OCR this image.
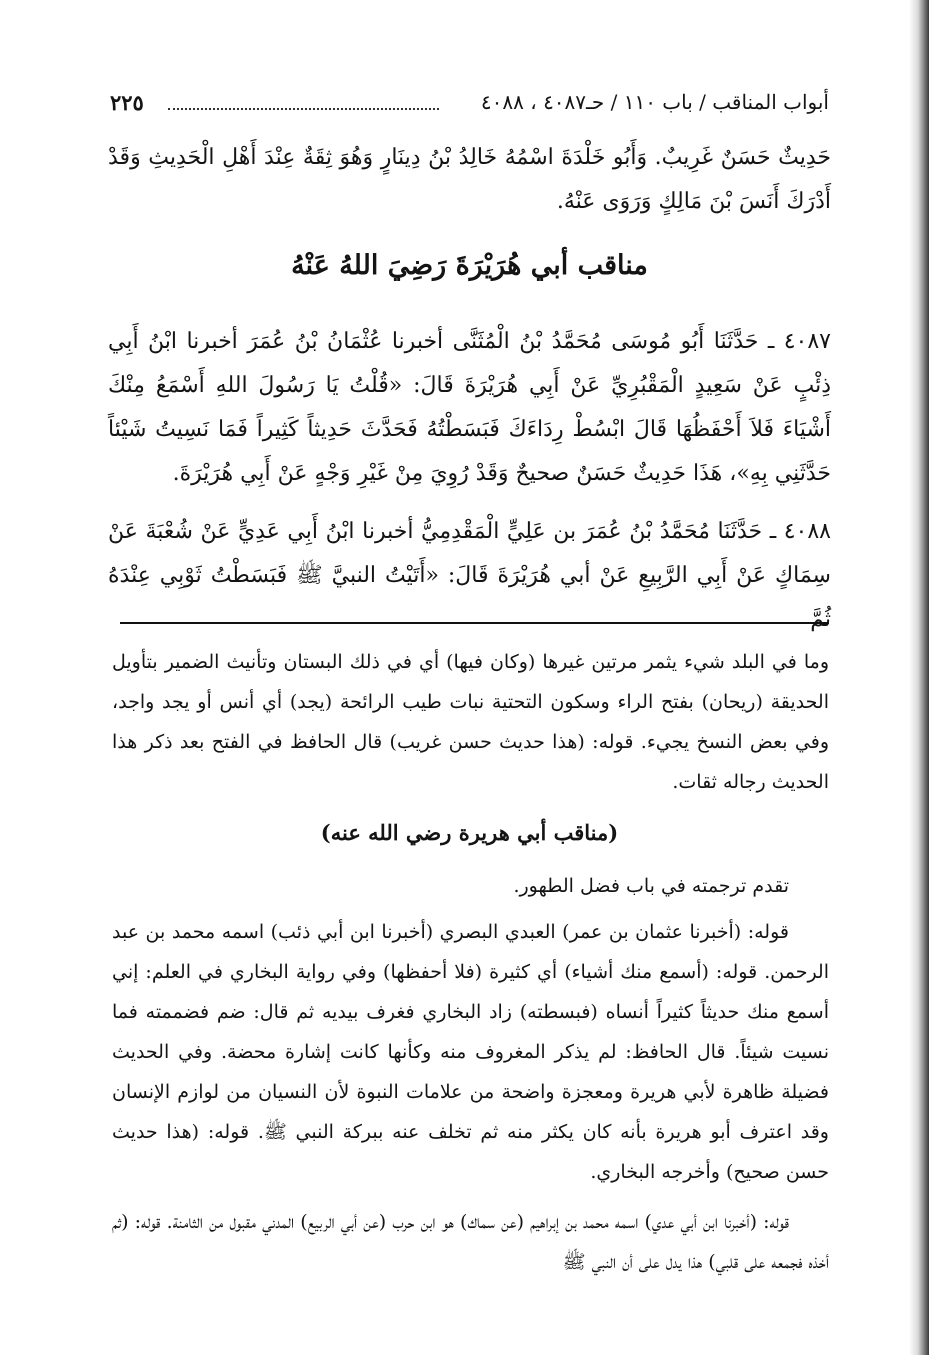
٢٢٥	أبواب المناقب / باب ١١٠ / حـ٤٠٨٧ ، ٤٠٨٨
حَدِيثٌ حَسَنٌ غَرِيبٌ. وَأَبُو خَلْدَةَ اسْمُهُ خَالِدُ بْنُ دِينَارٍ وَهُوَ ثِقَةٌ عِنْدَ أَهْلِ الْحَدِيثِ وَقَدْ أَدْرَكَ أَنَسَ بْنَ مَالِكٍ وَرَوَى عَنْهُ.
مناقب أبي هُرَيْرَةَ رَضِيَ اللهُ عَنْهُ
٤٠٨٧ ـ حَدَّثَنَا أَبُو مُوسَى مُحَمَّدُ بْنُ الْمُثَنَّى أخبرنا عُثْمَانُ بْنُ عُمَرَ أخبرنا ابْنُ أَبِي ذِئْبٍ عَنْ سَعِيدٍ الْمَقْبُرِيِّ عَنْ أَبِي هُرَيْرَةَ قَالَ: «قُلْتُ يَا رَسُولَ اللهِ أَسْمَعُ مِنْكَ أَشْيَاءَ فَلاَ أَحْفَظُهَا قَالَ ابْسُطْ رِدَاءَكَ فَبَسَطْتُهُ فَحَدَّثَ حَدِيثاً كَثِيراً فَمَا نَسِيتُ شَيْئاً حَدَّثَنِي بِهِ»، هَذَا حَدِيثٌ حَسَنٌ صحيحٌ وَقَدْ رُوِيَ مِنْ غَيْرِ وَجْهٍ عَنْ أَبِي هُرَيْرَةَ.
٤٠٨٨ ـ حَدَّثَنَا مُحَمَّدُ بْنُ عُمَرَ بن عَلِيٍّ الْمَقْدِمِيُّ أخبرنا ابْنُ أَبِي عَدِيٍّ عَنْ شُعْبَةَ عَنْ سِمَاكٍ عَنْ أَبِي الرَّبِيعِ عَنْ أبي هُرَيْرَةَ قَالَ: «أَتَيْتُ النبيَّ ﷺ فَبَسَطْتُ ثَوْبِي عِنْدَهُ ثُمَّ

وما في البلد شيء يثمر مرتين غيرها (وكان فيها) أي في ذلك البستان وتأنيث الضمير بتأويل الحديقة (ريحان) بفتح الراء وسكون التحتية نبات طيب الرائحة (يجد) أي أنس أو يجد واجد، وفي بعض النسخ يجيء. قوله: (هذا حديث حسن غريب) قال الحافظ في الفتح بعد ذكر هذا الحديث رجاله ثقات.

(مناقب أبي هريرة رضي الله عنه)

تقدم ترجمته في باب فضل الطهور.

قوله: (أخبرنا عثمان بن عمر) العبدي البصري (أخبرنا ابن أبي ذئب) اسمه محمد بن عبد الرحمن. قوله: (أسمع منك أشياء) أي كثيرة (فلا أحفظها) وفي رواية البخاري في العلم: إني أسمع منك حديثاً كثيراً أنساه (فبسطته) زاد البخاري فغرف بيديه ثم قال: ضم فضممته فما نسيت شيئاً. قال الحافظ: لم يذكر المغروف منه وكأنها كانت إشارة محضة. وفي الحديث فضيلة ظاهرة لأبي هريرة ومعجزة واضحة من علامات النبوة لأن النسيان من لوازم الإنسان وقد اعترف أبو هريرة بأنه كان يكثر منه ثم تخلف عنه ببركة النبي ﷺ. قوله: (هذا حديث حسن صحيح) وأخرجه البخاري.

قوله: (أخبرنا ابن أبي عدي) اسمه محمد بن إبراهيم (عن سماك) هو ابن حرب (عن أبي الربيع) المدني مقبول من الثامنة. قوله: (ثم أخذه فجمعه على قلبي) هذا يدل على أن النبي ﷺ
